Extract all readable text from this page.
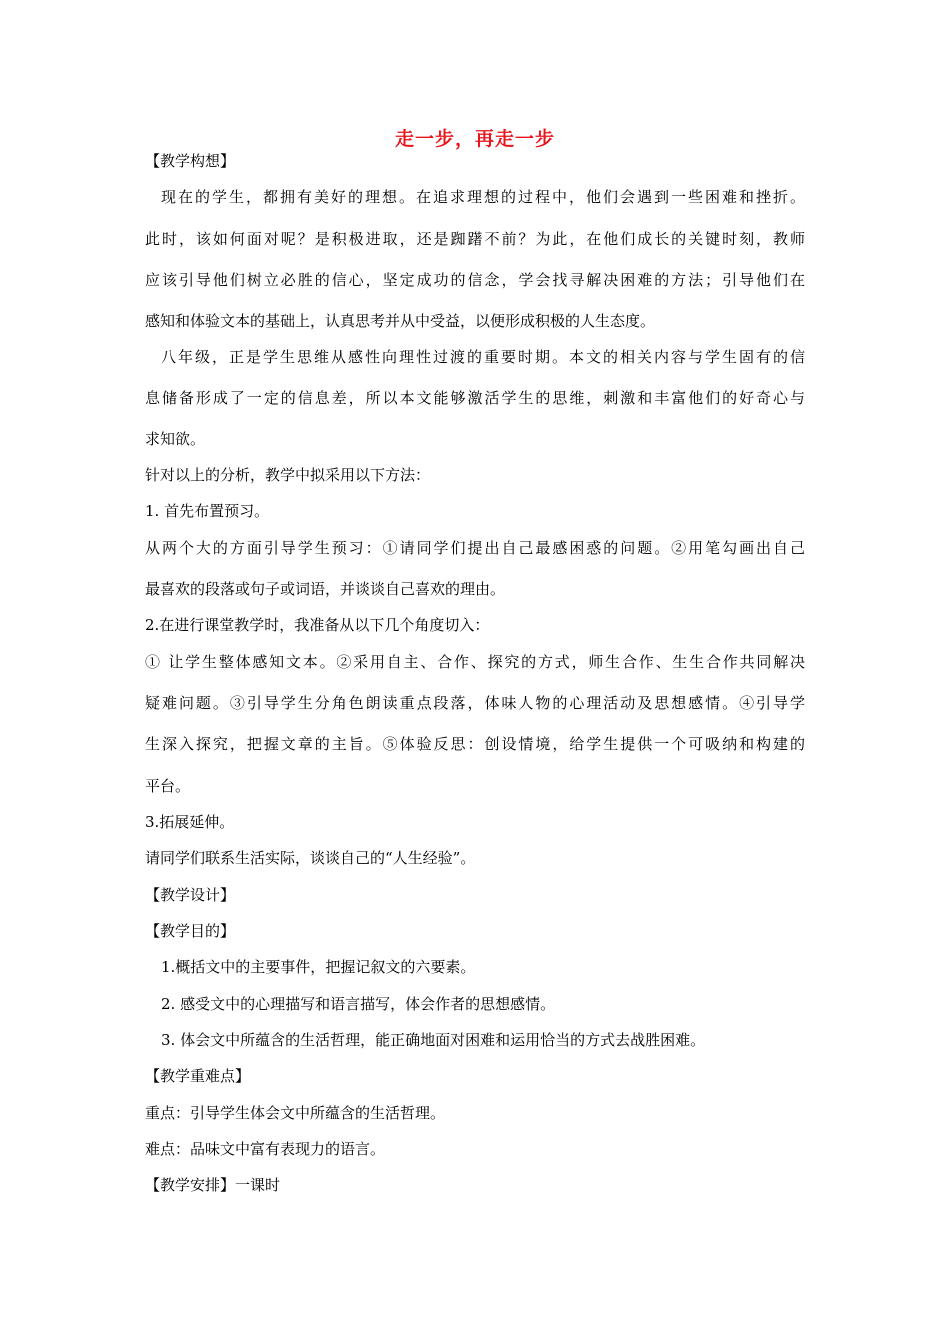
走一步，再走一步
【教学构想】
现在的学生，都拥有美好的理想。在追求理想的过程中，他们会遇到一些困难和挫折。
此时，该如何面对呢？是积极进取，还是踟躇不前？为此，在他们成长的关键时刻，教师
应该引导他们树立必胜的信心，坚定成功的信念，学会找寻解决困难的方法；引导他们在
感知和体验文本的基础上，认真思考并从中受益，以便形成积极的人生态度。
八年级，正是学生思维从感性向理性过渡的重要时期。本文的相关内容与学生固有的信
息储备形成了一定的信息差，所以本文能够激活学生的思维，刺激和丰富他们的好奇心与
求知欲。
针对以上的分析，教学中拟采用以下方法：
1. 首先布置预习。
从两个大的方面引导学生预习：①请同学们提出自己最感困惑的问题。②用笔勾画出自己
最喜欢的段落或句子或词语，并谈谈自己喜欢的理由。
2.在进行课堂教学时，我准备从以下几个角度切入：
① 让学生整体感知文本。②采用自主、合作、探究的方式，师生合作、生生合作共同解决
疑难问题。③引导学生分角色朗读重点段落，体味人物的心理活动及思想感情。④引导学
生深入探究，把握文章的主旨。⑤体验反思：创设情境，给学生提供一个可吸纳和构建的
平台。
3.拓展延伸。
请同学们联系生活实际，谈谈自己的“人生经验”。
【教学设计】
【教学目的】
1.概括文中的主要事件，把握记叙文的六要素。
2. 感受文中的心理描写和语言描写，体会作者的思想感情。
3. 体会文中所蕴含的生活哲理，能正确地面对困难和运用恰当的方式去战胜困难。
【教学重难点】
重点：引导学生体会文中所蕴含的生活哲理。
难点：品味文中富有表现力的语言。
【教学安排】一课时
